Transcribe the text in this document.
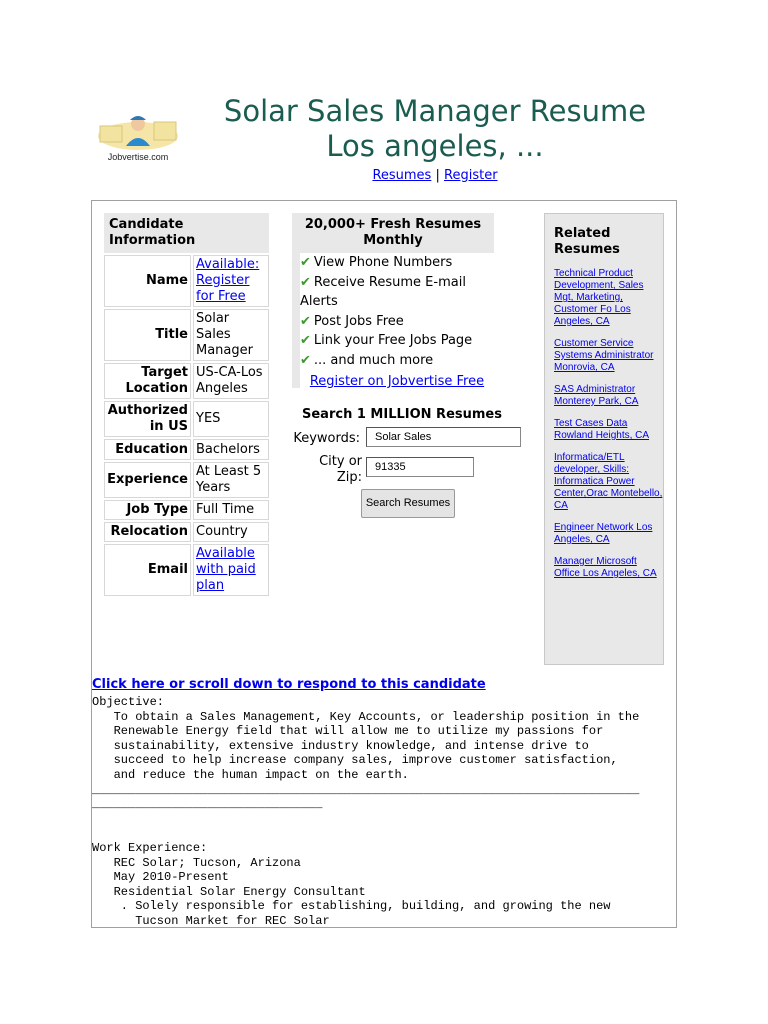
Jobvertise.com
Solar Sales Manager Resume
Los angeles, ...
Resumes | Register
Candidate Information
Name	Available: Register for Free
Title	Solar Sales Manager
Target Location	US-CA-Los Angeles
Authorized in US	YES
Education	Bachelors
Experience	At Least 5 Years
Job Type	Full Time
Relocation	Country
Email	Available with paid plan
20,000+ Fresh Resumes Monthly
✔ View Phone Numbers
✔ Receive Resume E-mail Alerts
✔ Post Jobs Free
✔ Link your Free Jobs Page
✔ ... and much more
Register on Jobvertise Free
Search 1 MILLION Resumes
Keywords:	Solar Sales
City or Zip:
91335
Search Resumes
Related Resumes
Technical Product Development, Sales Mgt, Marketing, Customer Fo Los Angeles, CA
Customer Service Systems Administrator Monrovia, CA
SAS Administrator Monterey Park, CA
Test Cases Data Rowland Heights, CA
Informatica/ETL developer, Skills: Informatica Power Center,Orac Montebello, CA
Engineer Network Los Angeles, CA
Manager Microsoft Office Los Angeles, CA
Click here or scroll down to respond to this candidate
Objective:
To obtain a Sales Management, Key Accounts, or leadership position in the
Renewable Energy field that will allow me to utilize my passions for
sustainability, extensive industry knowledge, and intense drive to
succeed to help increase company sales, improve customer satisfaction,
and reduce the human impact on the earth.
____________________________________________________________________________
________________________________

Work Experience:
REC Solar; Tucson, Arizona
May 2010-Present
Residential Solar Energy Consultant
. Solely responsible for establishing, building, and growing the new
Tucson Market for REC Solar
